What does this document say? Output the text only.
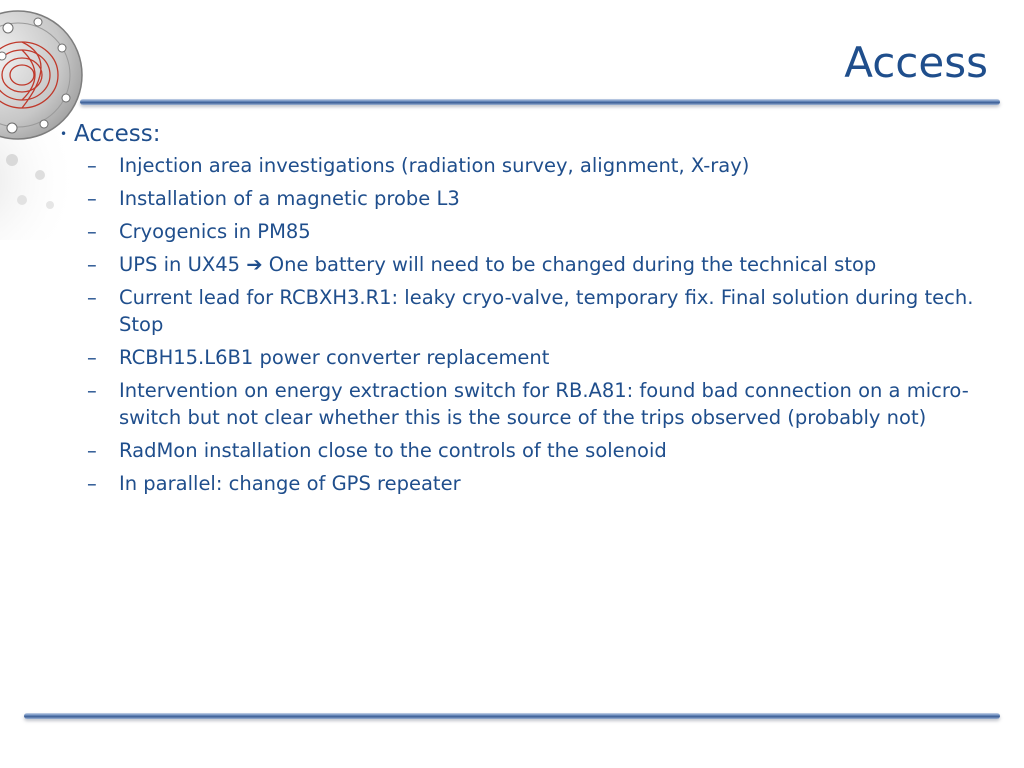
Access
• Access:
– Injection area investigations (radiation survey, alignment, X-ray)
– Installation of a magnetic probe L3
– Cryogenics in PM85
– UPS in UX45 ➔ One battery will need to be changed during the technical stop
– Current lead for RCBXH3.R1: leaky cryo-valve, temporary fix. Final solution during tech. Stop
– RCBH15.L6B1 power converter replacement
– Intervention on energy extraction switch for RB.A81: found bad connection on a micro-switch but not clear whether this is the source of the trips observed (probably not)
– RadMon installation close to the controls of the solenoid
– In parallel: change of GPS repeater
